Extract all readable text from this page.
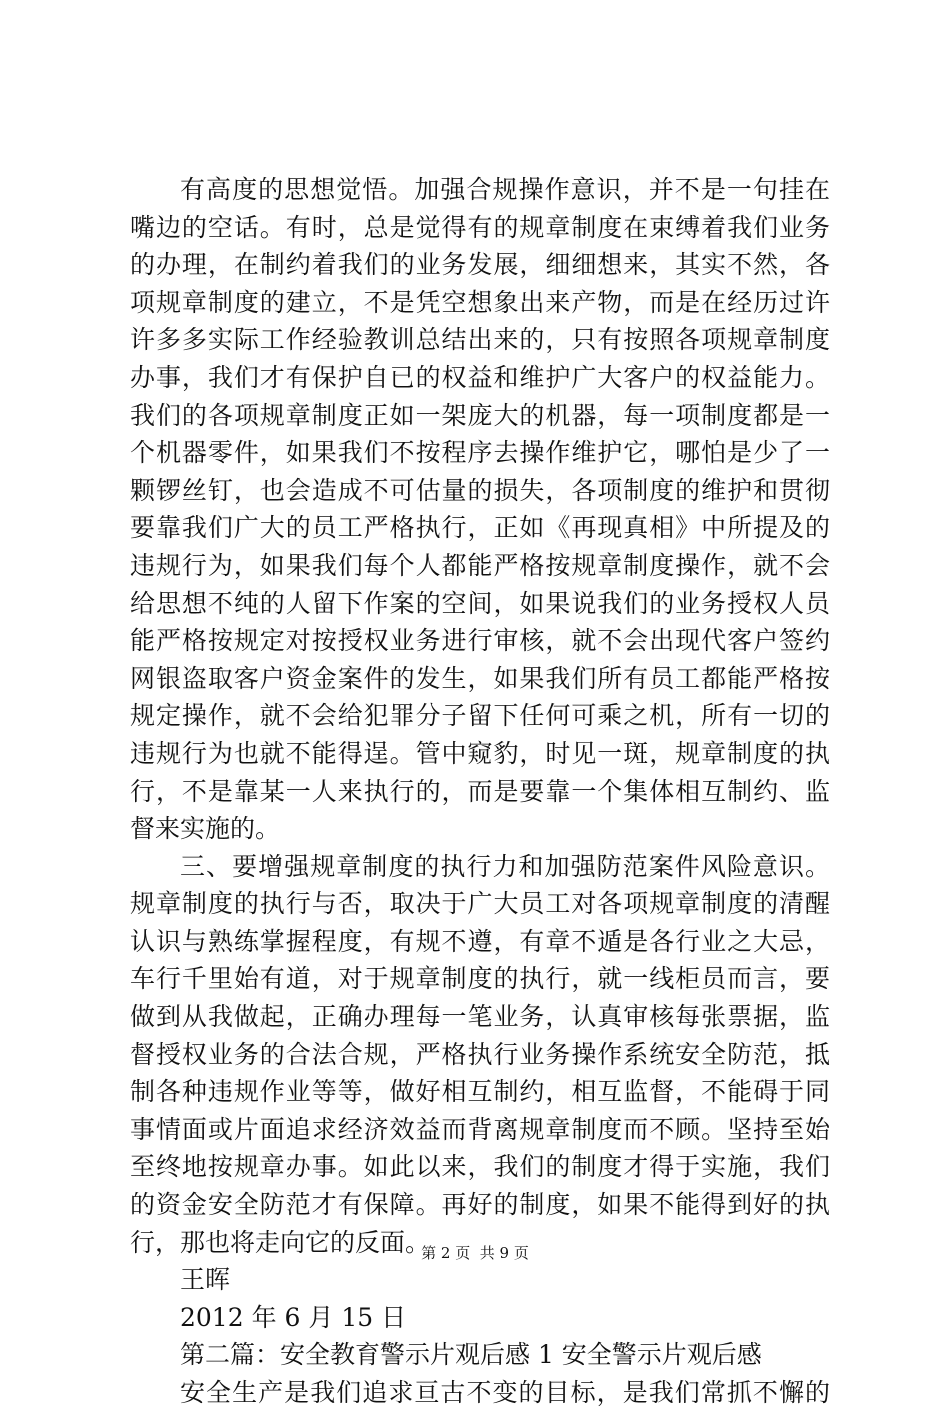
有高度的思想觉悟。加强合规操作意识，并不是一句挂在
嘴边的空话。有时，总是觉得有的规章制度在束缚着我们业务
的办理，在制约着我们的业务发展，细细想来，其实不然，各
项规章制度的建立，不是凭空想象出来产物，而是在经历过许
许多多实际工作经验教训总结出来的，只有按照各项规章制度
办事，我们才有保护自已的权益和维护广大客户的权益能力。
我们的各项规章制度正如一架庞大的机器，每一项制度都是一
个机器零件，如果我们不按程序去操作维护它，哪怕是少了一
颗锣丝钉，也会造成不可估量的损失，各项制度的维护和贯彻
要靠我们广大的员工严格执行，正如《再现真相》中所提及的
违规行为，如果我们每个人都能严格按规章制度操作，就不会
给思想不纯的人留下作案的空间，如果说我们的业务授权人员
能严格按规定对按授权业务进行审核，就不会出现代客户签约
网银盗取客户资金案件的发生，如果我们所有员工都能严格按
规定操作，就不会给犯罪分子留下任何可乘之机，所有一切的
违规行为也就不能得逞。管中窥豹，时见一斑，规章制度的执
行，不是靠某一人来执行的，而是要靠一个集体相互制约、监
督来实施的。
三、要增强规章制度的执行力和加强防范案件风险意识。
规章制度的执行与否，取决于广大员工对各项规章制度的清醒
认识与熟练掌握程度，有规不遵，有章不遁是各行业之大忌，
车行千里始有道，对于规章制度的执行，就一线柜员而言，要
做到从我做起，正确办理每一笔业务，认真审核每张票据，监
督授权业务的合法合规，严格执行业务操作系统安全防范，抵
制各种违规作业等等，做好相互制约，相互监督，不能碍于同
事情面或片面追求经济效益而背离规章制度而不顾。坚持至始
至终地按规章办事。如此以来，我们的制度才得于实施，我们
的资金安全防范才有保障。再好的制度，如果不能得到好的执
行，那也将走向它的反面。
王晖
2012 年 6 月 15 日
第二篇：安全教育警示片观后感 1 安全警示片观后感
安全生产是我们追求亘古不变的目标，是我们常抓不懈的
第 2 页  共 9 页
